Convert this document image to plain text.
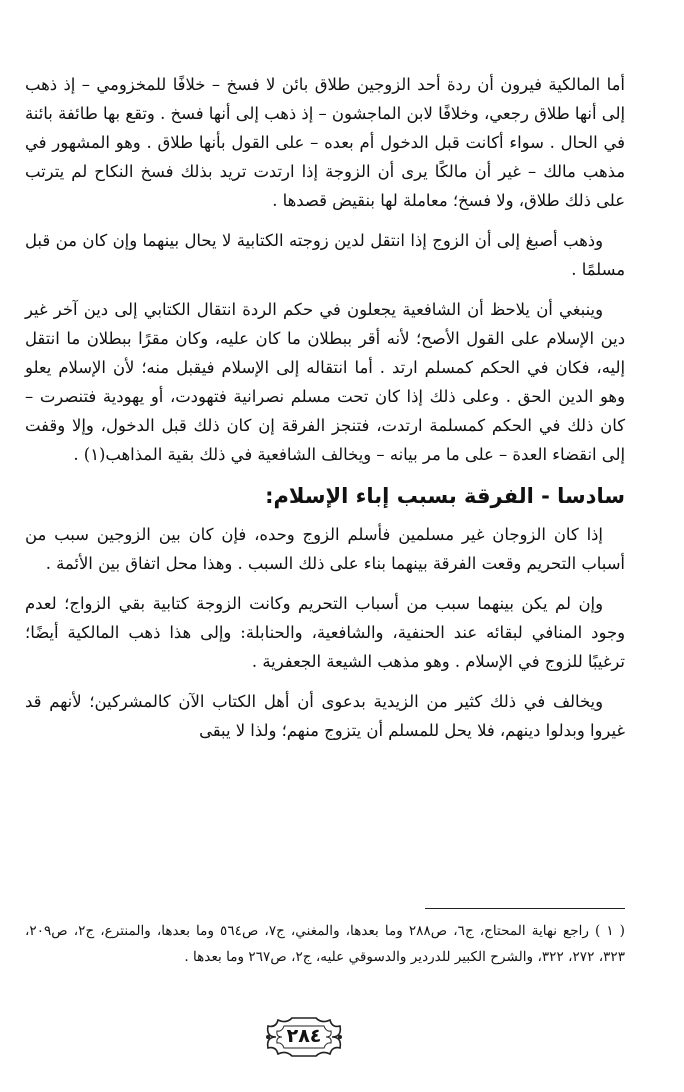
أما المالكية فيرون أن ردة أحد الزوجين طلاق بائن لا فسخ – خلافًا للمخزومي – إذ ذهب إلى أنها طلاق رجعي، وخلافًا لابن الماجشون – إذ ذهب إلى أنها فسخ . وتقع بها طائفة بائنة في الحال . سواء أكانت قبل الدخول أم بعده – على القول بأنها طلاق . وهو المشهور في مذهب مالك – غير أن مالكًا يرى أن الزوجة إذا ارتدت تريد بذلك فسخ النكاح لم يترتب على ذلك طلاق، ولا فسخ؛ معاملة لها بنقيض قصدها .

وذهب أصبغ إلى أن الزوج إذا انتقل لدين زوجته الكتابية لا يحال بينهما وإن كان من قبل مسلمًا .

وينبغي أن يلاحظ أن الشافعية يجعلون في حكم الردة انتقال الكتابي إلى دين آخر غير دين الإسلام على القول الأصح؛ لأنه أقر ببطلان ما كان عليه، وكان مقرًا ببطلان ما انتقل إليه، فكان في الحكم كمسلم ارتد . أما انتقاله إلى الإسلام فيقبل منه؛ لأن الإسلام يعلو وهو الدين الحق . وعلى ذلك إذا كان تحت مسلم نصرانية فتهودت، أو يهودية فتنصرت – كان ذلك في الحكم كمسلمة ارتدت، فتنجز الفرقة إن كان ذلك قبل الدخول، وإلا وقفت إلى انقضاء العدة – على ما مر بيانه – ويخالف الشافعية في ذلك بقية المذاهب(١) .

سادسا - الفرقة بسبب إباء الإسلام:

إذا كان الزوجان غير مسلمين فأسلم الزوج وحده، فإن كان بين الزوجين سبب من أسباب التحريم وقعت الفرقة بينهما بناء على ذلك السبب . وهذا محل اتفاق بين الأئمة .

وإن لم يكن بينهما سبب من أسباب التحريم وكانت الزوجة كتابية بقي الزواج؛ لعدم وجود المنافي لبقائه عند الحنفية، والشافعية، والحنابلة: وإلى هذا ذهب المالكية أيضًا؛ ترغيبًا للزوج في الإسلام . وهو مذهب الشيعة الجعفرية .

ويخالف في ذلك كثير من الزيدية بدعوى أن أهل الكتاب الآن كالمشركين؛ لأنهم قد غيروا وبدلوا دينهم، فلا يحل للمسلم أن يتزوج منهم؛ ولذا لا يبقى

( ١ ) راجع نهاية المحتاج، ج٦، ص٢٨٨ وما بعدها، والمغني، ج٧، ص٥٦٤ وما بعدها، والمنترع، ج٢، ص٢٠٩، ٣٢٣، ٢٧٢، ٣٢٢، والشرح الكبير للدردير والدسوقي عليه، ج٢، ص٢٦٧ وما بعدها .

٢٨٤
